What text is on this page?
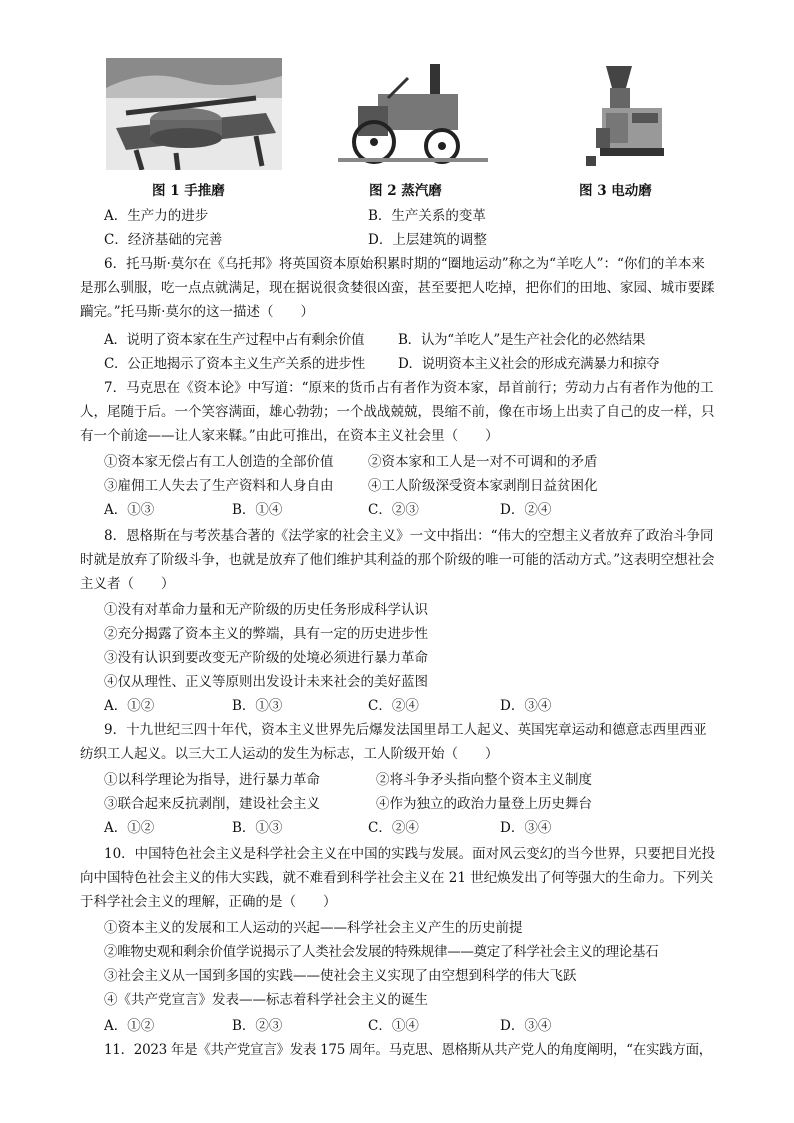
图 1 手推磨	图 2 蒸汽磨	图 3 电动磨
A．生产力的进步	B．生产关系的变革
C．经济基础的完善	D．上层建筑的调整
6．托马斯·莫尔在《乌托邦》将英国资本原始积累时期的“圈地运动”称之为“羊吃人”：“你们的羊本来是那么驯服，吃一点点就满足，现在据说很贪婪很凶蛮，甚至要把人吃掉，把你们的田地、家园、城市要蹂躏完。”托马斯·莫尔的这一描述（　　）
A．说明了资本家在生产过程中占有剩余价值	B．认为“羊吃人”是生产社会化的必然结果
C．公正地揭示了资本主义生产关系的进步性 D．说明资本主义社会的形成充满暴力和掠夺
7．马克思在《资本论》中写道：“原来的货币占有者作为资本家，昂首前行；劳动力占有者作为他的工人，尾随于后。一个笑容满面，雄心勃勃；一个战战兢兢，畏缩不前，像在市场上出卖了自己的皮一样，只有一个前途——让人家来鞣。”由此可推出，在资本主义社会里（　　）
①资本家无偿占有工人创造的全部价值	②资本家和工人是一对不可调和的矛盾
③雇佣工人失去了生产资料和人身自由	④工人阶级深受资本家剥削日益贫困化
A．①③	B．①④	C．②③	D．②④
8．恩格斯在与考茨基合著的《法学家的社会主义》一文中指出：“伟大的空想主义者放弃了政治斗争同时就是放弃了阶级斗争，也就是放弃了他们维护其利益的那个阶级的唯一可能的活动方式。”这表明空想社会主义者（　　）
①没有对革命力量和无产阶级的历史任务形成科学认识
②充分揭露了资本主义的弊端，具有一定的历史进步性
③没有认识到要改变无产阶级的处境必须进行暴力革命
④仅从理性、正义等原则出发设计未来社会的美好蓝图
A．①②	B．①③	C．②④	D．③④
9．十九世纪三四十年代，资本主义世界先后爆发法国里昂工人起义、英国宪章运动和德意志西里西亚纺织工人起义。以三大工人运动的发生为标志，工人阶级开始（　　）
①以科学理论为指导，进行暴力革命	②将斗争矛头指向整个资本主义制度
③联合起来反抗剥削，建设社会主义	④作为独立的政治力量登上历史舞台
A．①②	B．①③	C．②④	D．③④
10．中国特色社会主义是科学社会主义在中国的实践与发展。面对风云变幻的当今世界，只要把目光投向中国特色社会主义的伟大实践，就不难看到科学社会主义在 21 世纪焕发出了何等强大的生命力。下列关于科学社会主义的理解，正确的是（　　）
①资本主义的发展和工人运动的兴起——科学社会主义产生的历史前提
②唯物史观和剩余价值学说揭示了人类社会发展的特殊规律——奠定了科学社会主义的理论基石
③社会主义从一国到多国的实践——使社会主义实现了由空想到科学的伟大飞跃
④《共产党宣言》发表——标志着科学社会主义的诞生
A．①②	B．②③	C．①④	D．③④
11．2023 年是《共产党宣言》发表 175 周年。马克思、恩格斯从共产党人的角度阐明，“在实践方面，
